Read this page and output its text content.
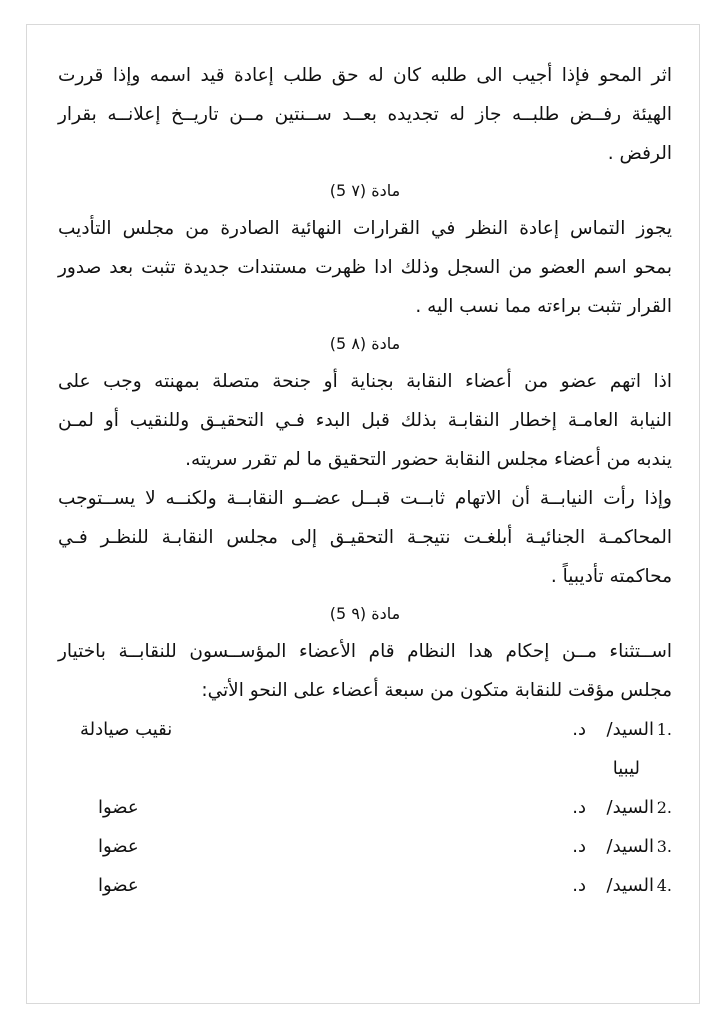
اثر المحو فإذا أجيب الى طلبه كان له حق طلب إعادة قيد اسمه وإذا قررت
الهيئة رفــض طلبــه جاز له تجديده بعــد ســنتين مــن تاريــخ إعلانــه بقرار
الرفض .
مادة (٧ 5)
يجوز التماس إعادة النظر في القرارات النهائية الصادرة من مجلس التأديب
بمحو اسم العضو من السجل وذلك ادا ظهرت مستندات جديدة تثبت بعد صدور
القرار تثبت براءته مما نسب اليه .
مادة (٨ 5)
اذا اتهم عضو من أعضاء النقابة بجناية أو جنحة متصلة بمهنته وجب على
النيابة العامـة إخطار النقابـة بذلك قبل البدء فـي التحقيـق وللنقيب أو لمـن
يندبه من أعضاء مجلس النقابة حضور التحقيق ما لم تقرر سريته.
وإذا رأت النيابــة أن الاتهام ثابــت قبــل عضــو النقابــة ولكنــه لا يســتوجب
المحاكمـة الجنائيـة أبلغـت نتيجـة التحقيـق إلى مجلس النقابـة للنظـر فـي
محاكمته تأديبياً .
مادة (٩ 5)
اســتثناء مــن إحكام هدا النظام قام الأعضاء المؤســسون للنقابــة باختيار
مجلس مؤقت للنقابة متكون من سبعة أعضاء على النحو الأتي:
1.
السيد/
د.
نقيب صيادلة
ليبيا
2.
السيد/
د.
عضوا
3.
السيد/
د.
عضوا
4.
السيد/
د.
عضوا
